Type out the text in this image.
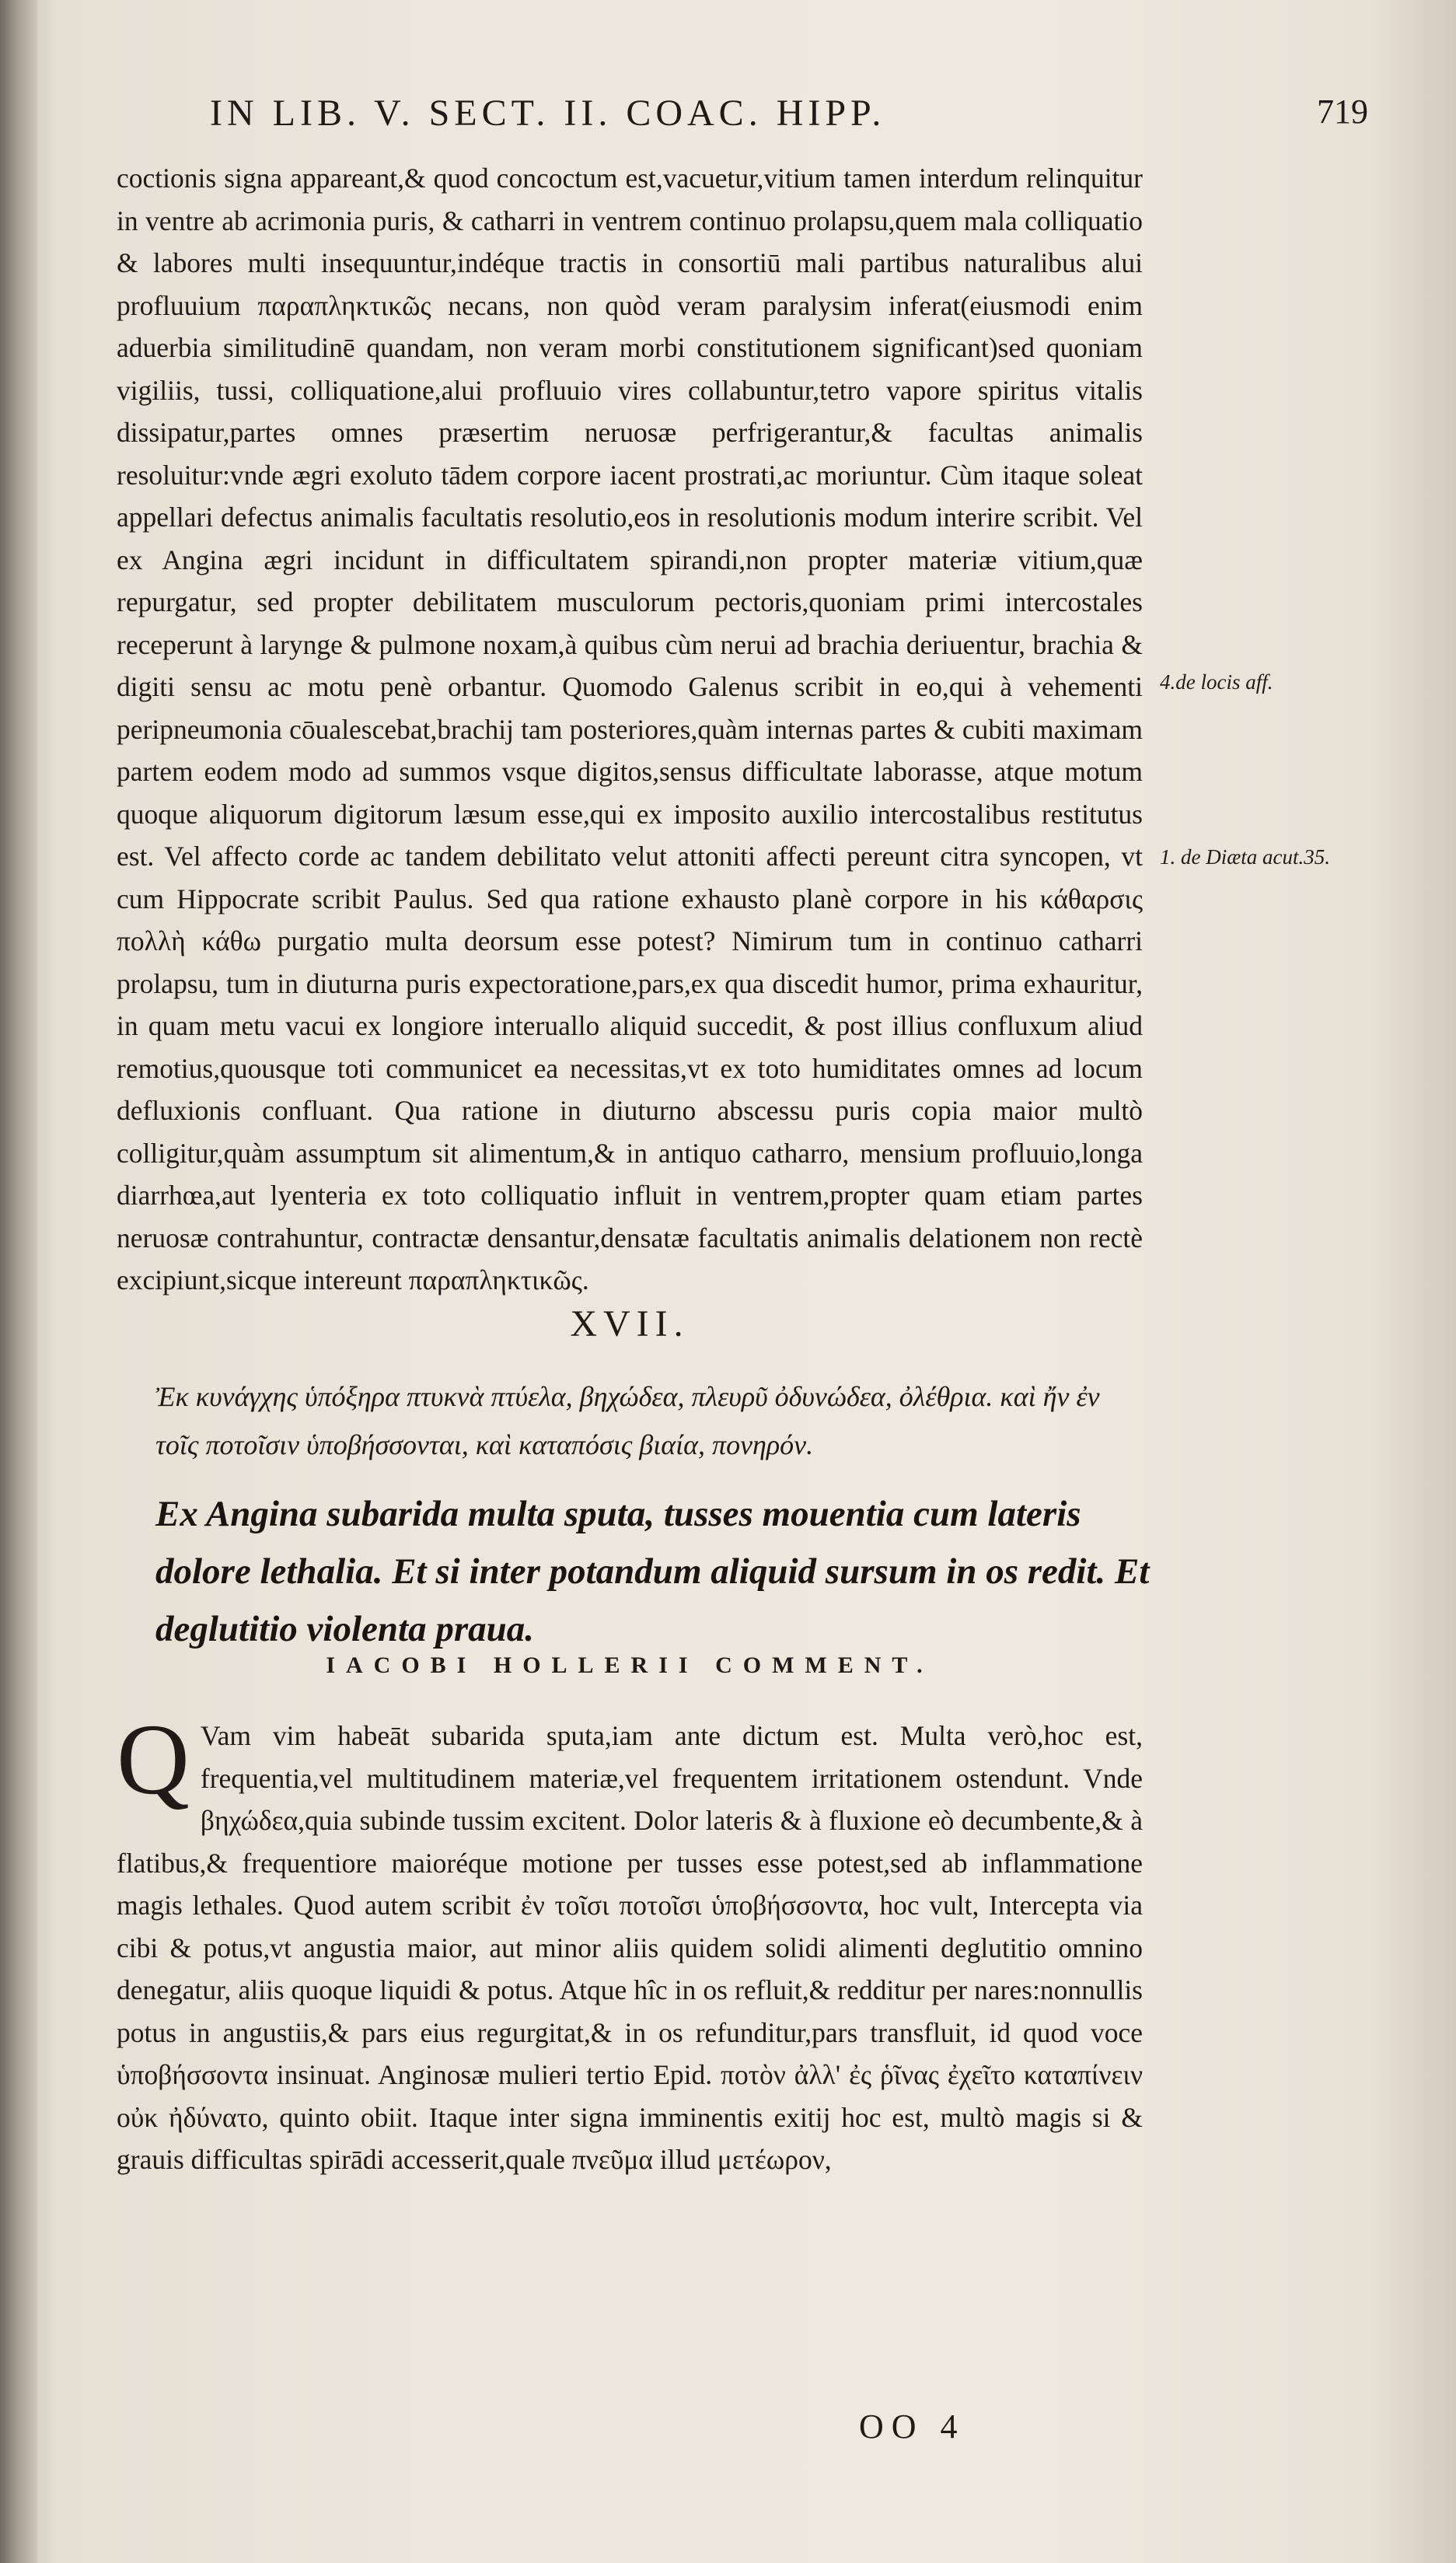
IN LIB. V. SECT. II. COAC. HIPP.	719

coctionis signa appareant,& quod concoctum est,vacuetur,vitium tamen interdum relinquitur in ventre ab acrimonia puris, & catharri in ventrem continuo prolapsu,quem mala colliquatio & labores multi insequuntur,indéque tractis in consortiū mali partibus naturalibus alui profluuium παραπληκτικῶς necans, non quòd veram paralysim inferat(eiusmodi enim aduerbia similitudinē quandam, non veram morbi constitutionem significant)sed quoniam vigiliis, tussi, colliquatione,alui profluuio vires collabuntur,tetro vapore spiritus vitalis dissipatur,partes omnes præsertim neruosæ perfrigerantur,& facultas animalis resoluitur:vnde ægri exoluto tādem corpore iacent prostrati,ac moriuntur. Cùm itaque soleat appellari defectus animalis facultatis resolutio,eos in resolutionis modum interire scribit. Vel ex Angina ægri incidunt in difficultatem spirandi,non propter materiæ vitium,quæ repurgatur, sed propter debilitatem musculorum pectoris,quoniam primi intercostales receperunt à larynge & pulmone noxam,à quibus cùm nerui ad brachia deriuentur, brachia & digiti sensu ac motu penè orbantur. Quomodo Galenus scribit in eo,qui à vehementi peripneumonia cōualescebat,brachij tam posteriores,quàm internas partes & cubiti maximam partem eodem modo ad summos vsque digitos,sensus difficultate laborasse, atque motum quoque aliquorum digitorum læsum esse,qui ex imposito auxilio intercostalibus restitutus est. Vel affecto corde ac tandem debilitato velut attoniti affecti pereunt citra syncopen, vt cum Hippocrate scribit Paulus. Sed qua ratione exhausto planè corpore in his κάθαρσις πολλὴ κάθω purgatio multa deorsum esse potest? Nimirum tum in continuo catharri prolapsu, tum in diuturna puris expectoratione,pars,ex qua discedit humor, prima exhauritur, in quam metu vacui ex longiore interuallo aliquid succedit, & post illius confluxum aliud remotius,quousque toti communicet ea necessitas,vt ex toto humiditates omnes ad locum defluxionis confluant. Qua ratione in diuturno abscessu puris copia maior multò colligitur,quàm assumptum sit alimentum,& in antiquo catharro, mensium profluuio,longa diarrhœa,aut lyenteria ex toto colliquatio influit in ventrem,propter quam etiam partes neruosæ contrahuntur, contractæ densantur,densatæ facultatis animalis delationem non rectè excipiunt,sicque intereunt παραπληκτικῶς.

4.de locis aff.
1. de Diæta acut.35.
XVII.
Ἐκ κυνάγχης ὑπόξηρα πτυκνὰ πτύελα, βηχώδεα, πλευρῦ ὀδυνώδεα, ὀλέθρια. καὶ ἤν ἐν τοῖς ποτοῖσιν ὑποβήσσονται, καὶ καταπόσις βιαία, πονηρόν.
Ex Angina subarida multa sputa, tusses mouentia cum lateris dolore lethalia. Et si inter potandum aliquid sursum in os redit. Et deglutitio violenta praua.
IACOBI HOLLERII COMMENT.
Q Vam vim habeāt subarida sputa,iam ante dictum est. Multa verò,hoc est, frequentia,vel multitudinem materiæ,vel frequentem irritationem ostendunt. Vnde βηχώδεα,quia subinde tussim excitent. Dolor lateris & à fluxione eò decumbente,& à flatibus,& frequentiore maioréque motione per tusses esse potest,sed ab inflammatione magis lethales. Quod autem scribit ἐν τοῖσι ποτοῖσι ὑποβήσσοντα, hoc vult, Intercepta via cibi & potus,vt angustia maior, aut minor aliis quidem solidi alimenti deglutitio omnino denegatur, aliis quoque liquidi & potus. Atque hîc in os refluit,& redditur per nares:nonnullis potus in angustiis,& pars eius regurgitat,& in os refunditur,pars transfluit, id quod voce ὑποβήσσοντα insinuat. Anginosæ mulieri tertio Epid. ποτὸν ἀλλ' ἐς ῥῖνας ἐχεῖτο καταπίνειν οὐκ ἠδύνατο, quinto obiit. Itaque inter signa imminentis exitij hoc est, multò magis si & grauis difficultas spirādi accesserit,quale πνεῦμα illud μετέωρον,
OO 4
